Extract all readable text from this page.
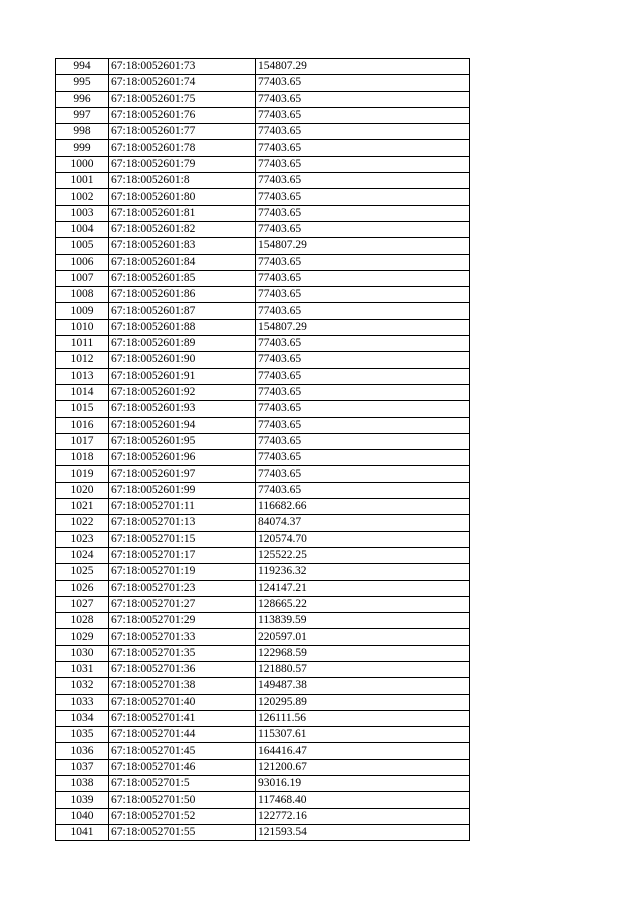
994	67:18:0052601:73	154807.29
995	67:18:0052601:74	77403.65
996	67:18:0052601:75	77403.65
997	67:18:0052601:76	77403.65
998	67:18:0052601:77	77403.65
999	67:18:0052601:78	77403.65
1000	67:18:0052601:79	77403.65
1001	67:18:0052601:8	77403.65
1002	67:18:0052601:80	77403.65
1003	67:18:0052601:81	77403.65
1004	67:18:0052601:82	77403.65
1005	67:18:0052601:83	154807.29
1006	67:18:0052601:84	77403.65
1007	67:18:0052601:85	77403.65
1008	67:18:0052601:86	77403.65
1009	67:18:0052601:87	77403.65
1010	67:18:0052601:88	154807.29
1011	67:18:0052601:89	77403.65
1012	67:18:0052601:90	77403.65
1013	67:18:0052601:91	77403.65
1014	67:18:0052601:92	77403.65
1015	67:18:0052601:93	77403.65
1016	67:18:0052601:94	77403.65
1017	67:18:0052601:95	77403.65
1018	67:18:0052601:96	77403.65
1019	67:18:0052601:97	77403.65
1020	67:18:0052601:99	77403.65
1021	67:18:0052701:11	116682.66
1022	67:18:0052701:13	84074.37
1023	67:18:0052701:15	120574.70
1024	67:18:0052701:17	125522.25
1025	67:18:0052701:19	119236.32
1026	67:18:0052701:23	124147.21
1027	67:18:0052701:27	128665.22
1028	67:18:0052701:29	113839.59
1029	67:18:0052701:33	220597.01
1030	67:18:0052701:35	122968.59
1031	67:18:0052701:36	121880.57
1032	67:18:0052701:38	149487.38
1033	67:18:0052701:40	120295.89
1034	67:18:0052701:41	126111.56
1035	67:18:0052701:44	115307.61
1036	67:18:0052701:45	164416.47
1037	67:18:0052701:46	121200.67
1038	67:18:0052701:5	93016.19
1039	67:18:0052701:50	117468.40
1040	67:18:0052701:52	122772.16
1041	67:18:0052701:55	121593.54
